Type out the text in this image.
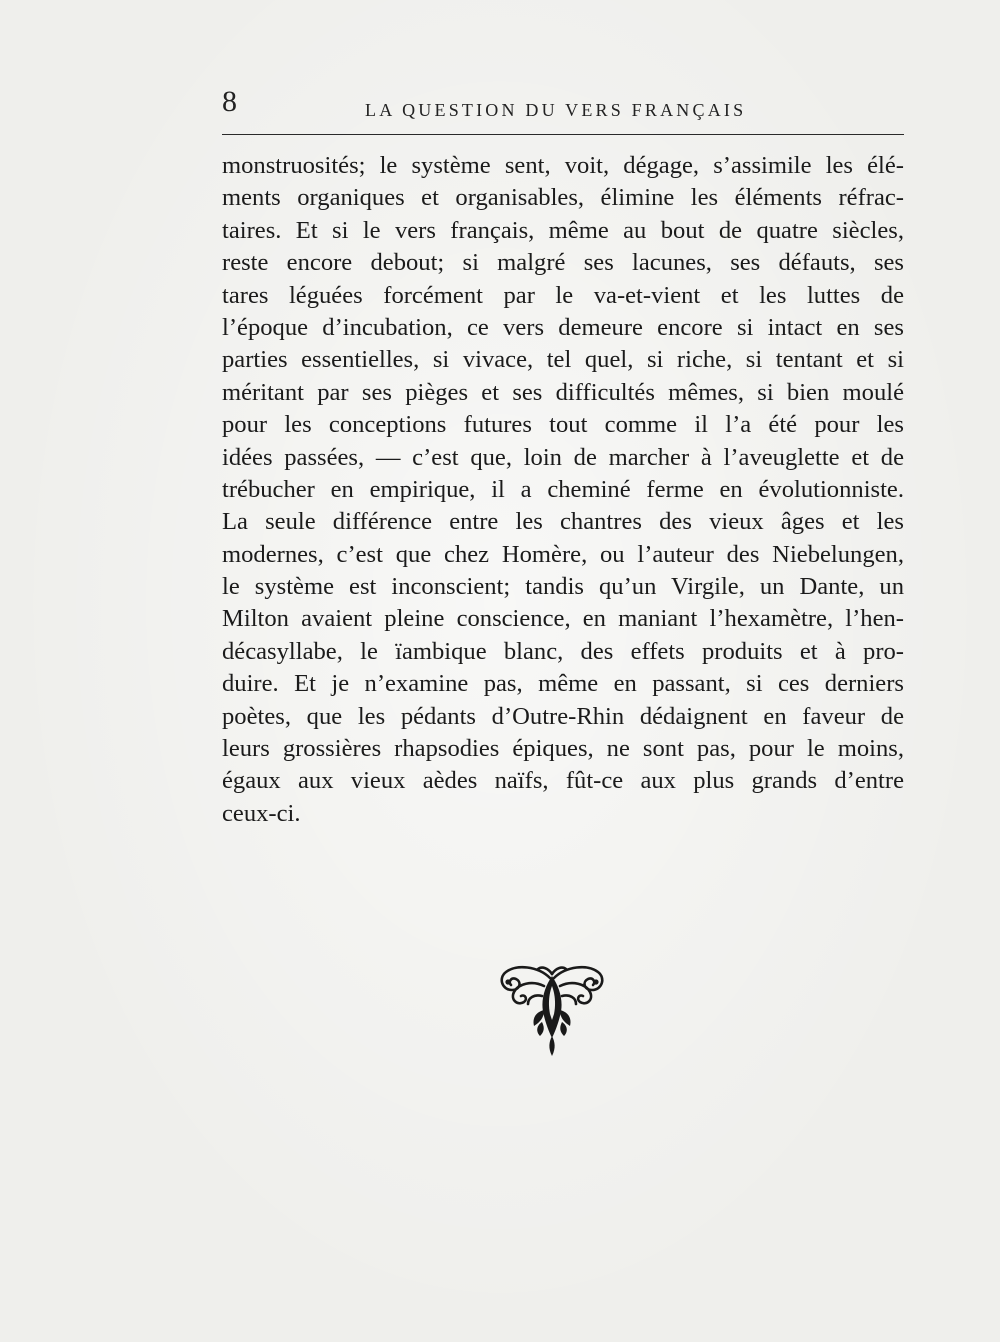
8	LA QUESTION DU VERS FRANÇAIS
monstruosités; le système sent, voit, dégage, s’assimile les élé-
ments organiques et organisables, élimine les éléments réfrac-
taires. Et si le vers français, même au bout de quatre siècles,
reste encore debout; si malgré ses lacunes, ses défauts, ses
tares léguées forcément par le va-et-vient et les luttes de
l’époque d’incubation, ce vers demeure encore si intact en ses
parties essentielles, si vivace, tel quel, si riche, si tentant et si
méritant par ses pièges et ses difficultés mêmes, si bien moulé
pour les conceptions futures tout comme il l’a été pour les
idées passées, — c’est que, loin de marcher à l’aveuglette et de
trébucher en empirique, il a cheminé ferme en évolutionniste.
La seule différence entre les chantres des vieux âges et les
modernes, c’est que chez Homère, ou l’auteur des Niebelungen,
le système est inconscient; tandis qu’un Virgile, un Dante, un
Milton avaient pleine conscience, en maniant l’hexamètre, l’hen-
décasyllabe, le ïambique blanc, des effets produits et à pro-
duire. Et je n’examine pas, même en passant, si ces derniers
poètes, que les pédants d’Outre-Rhin dédaignent en faveur de
leurs grossières rhapsodies épiques, ne sont pas, pour le moins,
égaux aux vieux aèdes naïfs, fût-ce aux plus grands d’entre
ceux-ci.
